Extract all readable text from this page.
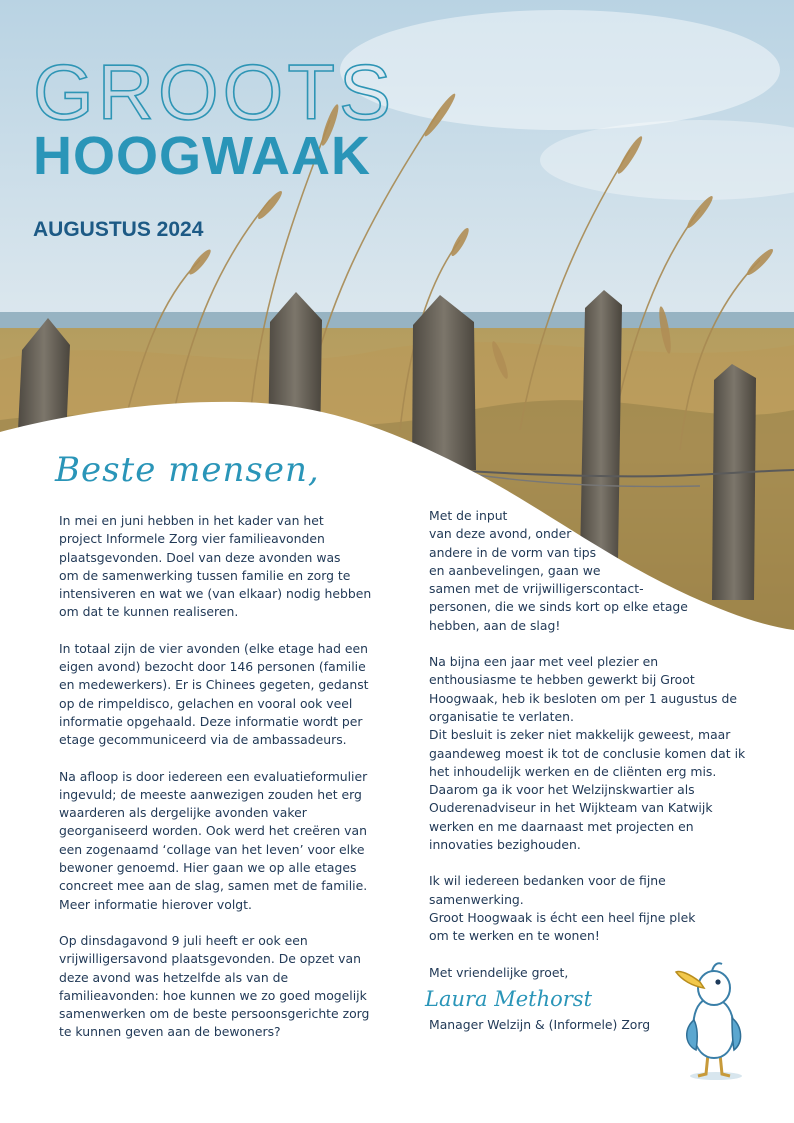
GROOTS
HOOGWAAK
AUGUSTUS 2024
Beste mensen,

In mei en juni hebben in het kader van het
project Informele Zorg vier familieavonden
plaatsgevonden. Doel van deze avonden was
om de samenwerking tussen familie en zorg te
intensiveren en wat we (van elkaar) nodig hebben
om dat te kunnen realiseren.

In totaal zijn de vier avonden (elke etage had een
eigen avond) bezocht door 146 personen (familie
en medewerkers). Er is Chinees gegeten, gedanst
op de rimpeldisco, gelachen en vooral ook veel
informatie opgehaald. Deze informatie wordt per
etage gecommuniceerd via de ambassadeurs.

Na afloop is door iedereen een evaluatieformulier
ingevuld; de meeste aanwezigen zouden het erg
waarderen als dergelijke avonden vaker
georganiseerd worden. Ook werd het creëren van
een zogenaamd ‘collage van het leven’ voor elke
bewoner genoemd. Hier gaan we op alle etages
concreet mee aan de slag, samen met de familie.
Meer informatie hierover volgt.

Op dinsdagavond 9 juli heeft er ook een
vrijwilligersavond plaatsgevonden. De opzet van
deze avond was hetzelfde als van de
familieavonden: hoe kunnen we zo goed mogelijk
samenwerken om de beste persoonsgerichte zorg
te kunnen geven aan de bewoners?

Met de input
van deze avond, onder
andere in de vorm van tips
en aanbevelingen, gaan we
samen met de vrijwilligerscontact-
personen, die we sinds kort op elke etage
hebben, aan de slag!

Na bijna een jaar met veel plezier en
enthousiasme te hebben gewerkt bij Groot
Hoogwaak, heb ik besloten om per 1 augustus de
organisatie te verlaten.
Dit besluit is zeker niet makkelijk geweest, maar
gaandeweg moest ik tot de conclusie komen dat ik
het inhoudelijk werken en de cliënten erg mis.
Daarom ga ik voor het Welzijnskwartier als
Ouderenadviseur in het Wijkteam van Katwijk
werken en me daarnaast met projecten en
innovaties bezighouden.

Ik wil iedereen bedanken voor de fijne
samenwerking.
Groot Hoogwaak is écht een heel fijne plek
om te werken en te wonen!

Met vriendelijke groet,

Laura Methorst

Manager Welzijn & (Informele) Zorg
